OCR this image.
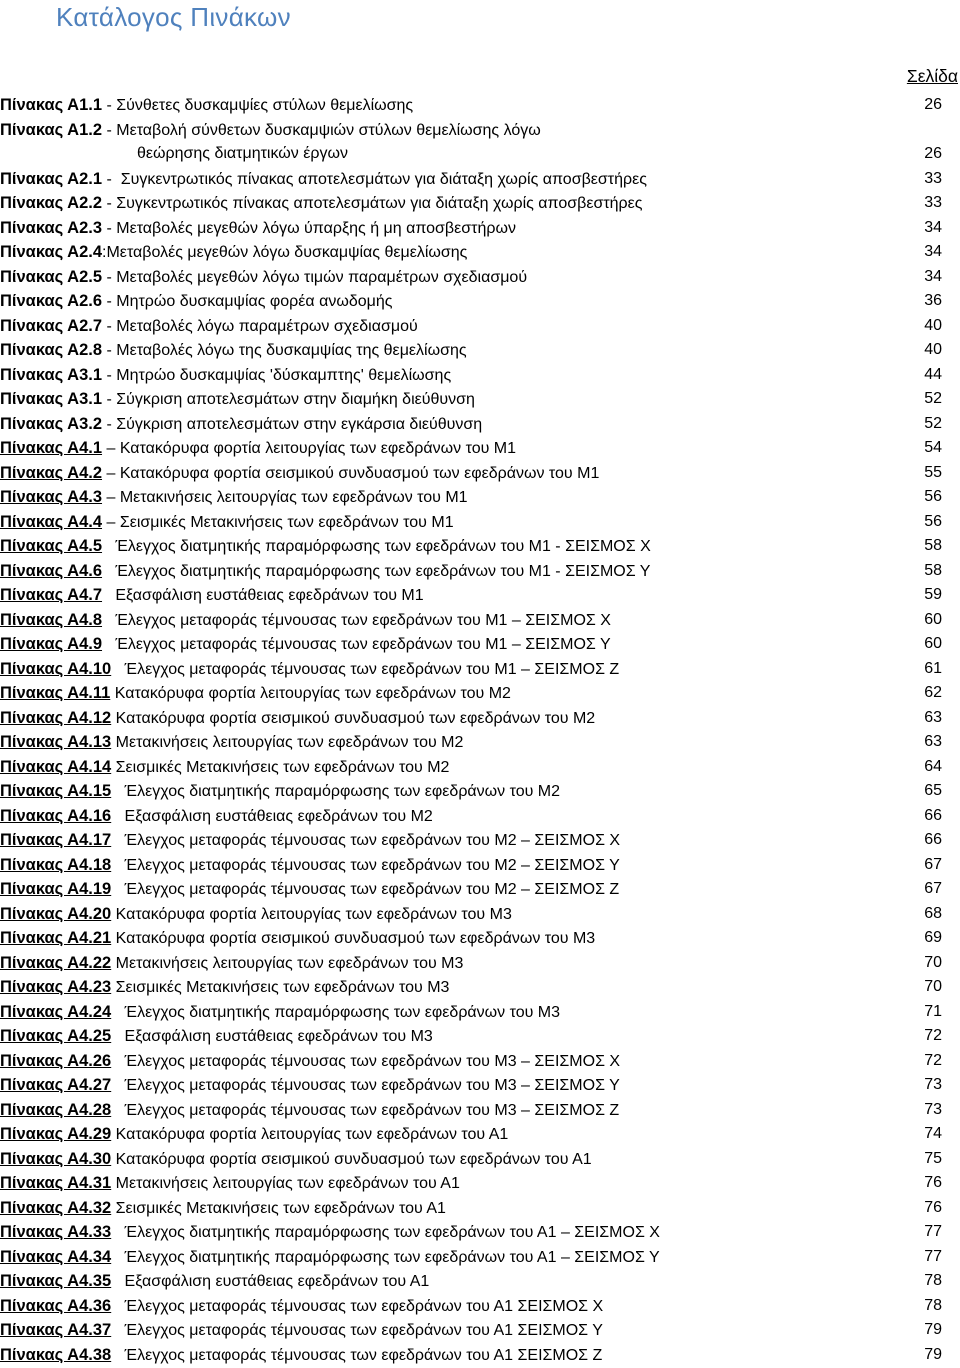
Κατάλογος Πινάκων
Σελίδα
Πίνακας Α1.1 - Σύνθετες δυσκαμψίες στύλων θεμελίωσης	26
Πίνακας Α1.2 - Μεταβολή σύνθετων δυσκαμψιών στύλων θεμελίωσης λόγω
θεώρησης διατμητικών έργων	26
Πίνακας Α2.1 -  Συγκεντρωτικός πίνακας αποτελεσμάτων για διάταξη χωρίς αποσβεστήρες	33
Πίνακας Α2.2 - Συγκεντρωτικός πίνακας αποτελεσμάτων για διάταξη χωρίς αποσβεστήρες	33
Πίνακας Α2.3 - Μεταβολές μεγεθών λόγω ύπαρξης ή μη αποσβεστήρων	34
Πίνακας Α2.4:Μεταβολές μεγεθών λόγω δυσκαμψίας θεμελίωσης	34
Πίνακας Α2.5 - Μεταβολές μεγεθών λόγω τιμών παραμέτρων σχεδιασμού	34
Πίνακας Α2.6 - Μητρώο δυσκαμψίας φορέα ανωδομής	36
Πίνακας Α2.7 - Μεταβολές λόγω παραμέτρων σχεδιασμού	40
Πίνακας Α2.8 - Μεταβολές λόγω της δυσκαμψίας της θεμελίωσης	40
Πίνακας Α3.1 - Μητρώο δυσκαμψίας 'δύσκαμπτης' θεμελίωσης	44
Πίνακας Α3.1 - Σύγκριση αποτελεσμάτων στην διαμήκη διεύθυνση	52
Πίνακας Α3.2 - Σύγκριση αποτελεσμάτων στην εγκάρσια διεύθυνση	52
Πίνακας Α4.1 – Κατακόρυφα φορτία λειτουργίας των εφεδράνων του Μ1	54
Πίνακας Α4.2 – Κατακόρυφα φορτία σεισμικού συνδυασμού των εφεδράνων του Μ1	55
Πίνακας Α4.3 – Μετακινήσεις λειτουργίας των εφεδράνων του Μ1	56
Πίνακας Α4.4 – Σεισμικές Μετακινήσεις των εφεδράνων του Μ1	56
Πίνακας Α4.5   Έλεγχος διατμητικής παραμόρφωσης των εφεδράνων του Μ1 - ΣΕΙΣΜΟΣ Χ	58
Πίνακας Α4.6   Έλεγχος διατμητικής παραμόρφωσης των εφεδράνων του Μ1 - ΣΕΙΣΜΟΣ Υ	58
Πίνακας Α4.7   Εξασφάλιση ευστάθειας εφεδράνων του Μ1	59
Πίνακας Α4.8   Έλεγχος μεταφοράς τέμνουσας των εφεδράνων του Μ1 – ΣΕΙΣΜΟΣ Χ	60
Πίνακας Α4.9   Έλεγχος μεταφοράς τέμνουσας των εφεδράνων του Μ1 – ΣΕΙΣΜΟΣ Υ	60
Πίνακας Α4.10   Έλεγχος μεταφοράς τέμνουσας των εφεδράνων του Μ1 – ΣΕΙΣΜΟΣ Ζ	61
Πίνακας Α4.11 Κατακόρυφα φορτία λειτουργίας των εφεδράνων του Μ2	62
Πίνακας Α4.12 Κατακόρυφα φορτία σεισμικού συνδυασμού των εφεδράνων του Μ2	63
Πίνακας Α4.13 Μετακινήσεις λειτουργίας των εφεδράνων του Μ2	63
Πίνακας Α4.14 Σεισμικές Μετακινήσεις των εφεδράνων του Μ2	64
Πίνακας Α4.15   Έλεγχος διατμητικής παραμόρφωσης των εφεδράνων του Μ2	65
Πίνακας Α4.16   Εξασφάλιση ευστάθειας εφεδράνων του Μ2	66
Πίνακας Α4.17   Έλεγχος μεταφοράς τέμνουσας των εφεδράνων του Μ2 – ΣΕΙΣΜΟΣ Χ	66
Πίνακας Α4.18   Έλεγχος μεταφοράς τέμνουσας των εφεδράνων του Μ2 – ΣΕΙΣΜΟΣ Υ	67
Πίνακας Α4.19   Έλεγχος μεταφοράς τέμνουσας των εφεδράνων του Μ2 – ΣΕΙΣΜΟΣ Ζ	67
Πίνακας Α4.20 Κατακόρυφα φορτία λειτουργίας των εφεδράνων του Μ3	68
Πίνακας Α4.21 Κατακόρυφα φορτία σεισμικού συνδυασμού των εφεδράνων του Μ3	69
Πίνακας Α4.22 Μετακινήσεις λειτουργίας των εφεδράνων του Μ3	70
Πίνακας Α4.23 Σεισμικές Μετακινήσεις των εφεδράνων του Μ3	70
Πίνακας Α4.24   Έλεγχος διατμητικής παραμόρφωσης των εφεδράνων του Μ3	71
Πίνακας Α4.25   Εξασφάλιση ευστάθειας εφεδράνων του Μ3	72
Πίνακας Α4.26   Έλεγχος μεταφοράς τέμνουσας των εφεδράνων του Μ3 – ΣΕΙΣΜΟΣ Χ	72
Πίνακας Α4.27   Έλεγχος μεταφοράς τέμνουσας των εφεδράνων του Μ3 – ΣΕΙΣΜΟΣ Υ	73
Πίνακας Α4.28   Έλεγχος μεταφοράς τέμνουσας των εφεδράνων του Μ3 – ΣΕΙΣΜΟΣ Ζ	73
Πίνακας Α4.29 Κατακόρυφα φορτία λειτουργίας των εφεδράνων του Α1	74
Πίνακας Α4.30 Κατακόρυφα φορτία σεισμικού συνδυασμού των εφεδράνων του Α1	75
Πίνακας Α4.31 Μετακινήσεις λειτουργίας των εφεδράνων του Α1	76
Πίνακας Α4.32 Σεισμικές Μετακινήσεις των εφεδράνων του Α1	76
Πίνακας Α4.33   Έλεγχος διατμητικής παραμόρφωσης των εφεδράνων του Α1 – ΣΕΙΣΜΟΣ Χ	77
Πίνακας Α4.34   Έλεγχος διατμητικής παραμόρφωσης των εφεδράνων του Α1 – ΣΕΙΣΜΟΣ Υ	77
Πίνακας Α4.35   Εξασφάλιση ευστάθειας εφεδράνων του Α1	78
Πίνακας Α4.36   Έλεγχος μεταφοράς τέμνουσας των εφεδράνων του Α1 ΣΕΙΣΜΟΣ Χ	78
Πίνακας Α4.37   Έλεγχος μεταφοράς τέμνουσας των εφεδράνων του Α1 ΣΕΙΣΜΟΣ Υ	79
Πίνακας Α4.38   Έλεγχος μεταφοράς τέμνουσας των εφεδράνων του Α1 ΣΕΙΣΜΟΣ Ζ	79
